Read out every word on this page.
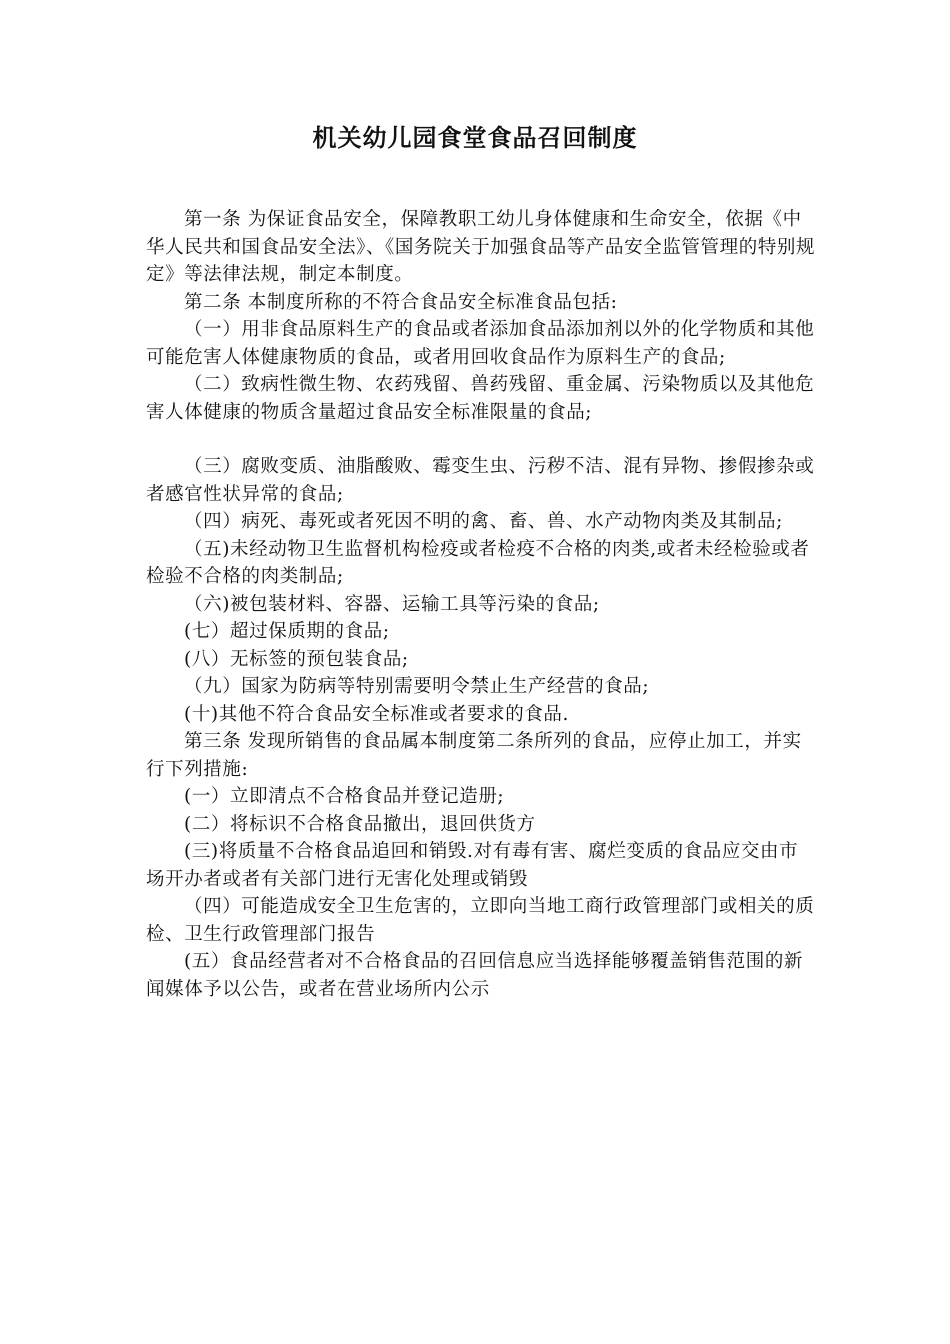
机关幼儿园食堂食品召回制度

第一条 为保证食品安全，保障教职工幼儿身体健康和生命安全，依据《中华人民共和国食品安全法》、《国务院关于加强食品等产品安全监管管理的特别规定》等法律法规，制定本制度。

第二条 本制度所称的不符合食品安全标准食品包括:

（一）用非食品原料生产的食品或者添加食品添加剂以外的化学物质和其他可能危害人体健康物质的食品，或者用回收食品作为原料生产的食品;

（二）致病性微生物、农药残留、兽药残留、重金属、污染物质以及其他危害人体健康的物质含量超过食品安全标准限量的食品;

（三）腐败变质、油脂酸败、霉变生虫、污秽不洁、混有异物、掺假掺杂或者感官性状异常的食品;

（四）病死、毒死或者死因不明的禽、畜、兽、水产动物肉类及其制品;

（五)未经动物卫生监督机构检疫或者检疫不合格的肉类,或者未经检验或者检验不合格的肉类制品;

（六)被包装材料、容器、运输工具等污染的食品;

(七）超过保质期的食品;

(八）无标签的预包装食品;

（九）国家为防病等特别需要明令禁止生产经营的食品;

(十)其他不符合食品安全标准或者要求的食品.

第三条 发现所销售的食品属本制度第二条所列的食品，应停止加工，并实行下列措施:

(一）立即清点不合格食品并登记造册;

(二）将标识不合格食品撤出，退回供货方

(三)将质量不合格食品追回和销毁.对有毒有害、腐烂变质的食品应交由市场开办者或者有关部门进行无害化处理或销毁

（四）可能造成安全卫生危害的，立即向当地工商行政管理部门或相关的质检、卫生行政管理部门报告

(五）食品经营者对不合格食品的召回信息应当选择能够覆盖销售范围的新闻媒体予以公告，或者在营业场所内公示
